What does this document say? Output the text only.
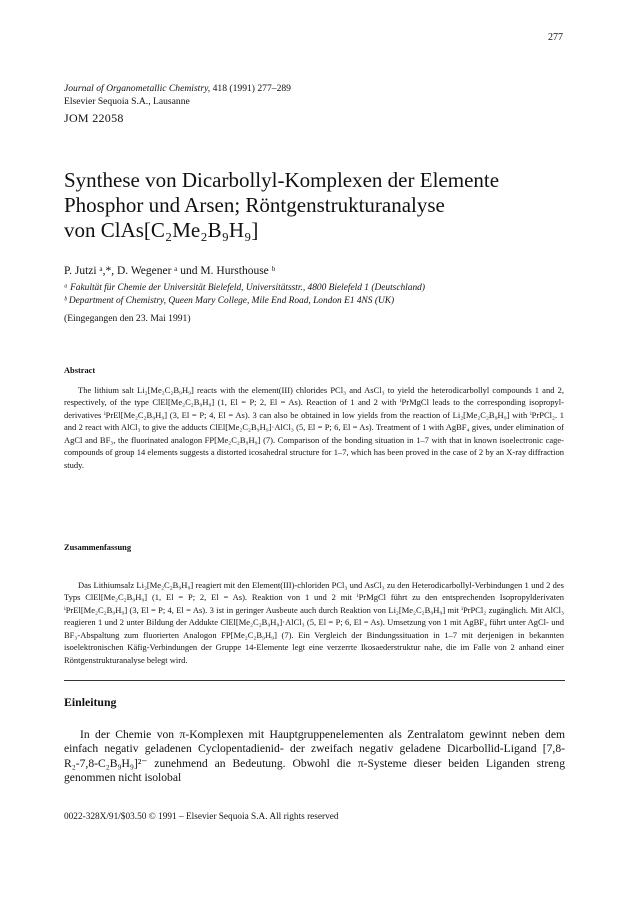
277
Journal of Organometallic Chemistry, 418 (1991) 277–289
Elsevier Sequoia S.A., Lausanne
JOM 22058
Synthese von Dicarbollyl-Komplexen der Elemente
Phosphor und Arsen; Röntgenstrukturanalyse
von ClAs[C₂Me₂B₉H₉]
P. Jutzi ᵃ,*, D. Wegener ᵃ und M. Hursthouse ᵇ
ᵃ Fakultät für Chemie der Universität Bielefeld, Universitätsstr., 4800 Bielefeld 1 (Deutschland)
ᵇ Department of Chemistry, Queen Mary College, Mile End Road, London E1 4NS (UK)
(Eingegangen den 23. Mai 1991)
Abstract

The lithium salt Li₂[Me₂C₂B₉H₉] reacts with the element(III) chlorides PCl₃ and AsCl₃ to yield the heterodicarbollyl compounds 1 and 2, respectively, of the type ClEl[Me₂C₂B₉H₉] (1, El = P; 2, El = As). Reaction of 1 and 2 with ⁱPrMgCl leads to the corresponding isopropyl-derivatives ⁱPrEl[Me₂C₂B₉H₉] (3, El = P; 4, El = As). 3 can also be obtained in low yields from the reaction of Li₂[Me₂C₂B₉H₉] with ⁱPrPCl₂. 1 and 2 react with AlCl₃ to give the adducts ClEl[Me₂C₂B₉H₉]·AlCl₃ (5, El = P; 6, El = As). Treatment of 1 with AgBF₄ gives, under elimination of AgCl and BF₃, the fluorinated analogon FP[Me₂C₂B₉H₉] (7). Comparison of the bonding situation in 1–7 with that in known isoelectronic cage-compounds of group 14 elements suggests a distorted icosahedral structure for 1–7, which has been proved in the case of 2 by an X-ray diffraction study.

Zusammenfassung

Das Lithiumsalz Li₂[Me₂C₂B₉H₉] reagiert mit den Element(III)-chloriden PCl₃ und AsCl₃ zu den Heterodicarbollyl-Verbindungen 1 und 2 des Typs ClEl[Me₂C₂B₉H₉] (1, El = P; 2, El = As). Reaktion von 1 und 2 mit ⁱPrMgCl führt zu den entsprechenden Isopropylderivaten ⁱPrEl[Me₂C₂B₉H₉] (3, El = P; 4, El = As). 3 ist in geringer Ausbeute auch durch Reaktion von Li₂[Me₂C₂B₉H₉] mit ⁱPrPCl₂ zugänglich. Mit AlCl₃ reagieren 1 und 2 unter Bildung der Addukte ClEl[Me₂C₂B₉H₉]·AlCl₃ (5, El = P; 6, El = As). Umsetzung von 1 mit AgBF₄ führt unter AgCl- und BF₃-Abspaltung zum fluorierten Analogon FP[Me₂C₂B₉H₉] (7). Ein Vergleich der Bindungssituation in 1–7 mit derjenigen in bekannten isoelektronischen Käfig-Verbindungen der Gruppe 14-Elemente legt eine verzerrte Ikosaederstruktur nahe, die im Falle von 2 anhand einer Röntgenstrukturanalyse belegt wird.

Einleitung

In der Chemie von π-Komplexen mit Hauptgruppenelementen als Zentralatom gewinnt neben dem einfach negativ geladenen Cyclopentadienid- der zweifach negativ geladene Dicarbollid-Ligand [7,8-R₂-7,8-C₂B₉H₉]²⁻ zunehmend an Bedeutung. Obwohl die π-Systeme dieser beiden Liganden streng genommen nicht isolobal

0022-328X/91/$03.50 © 1991 – Elsevier Sequoia S.A. All rights reserved
